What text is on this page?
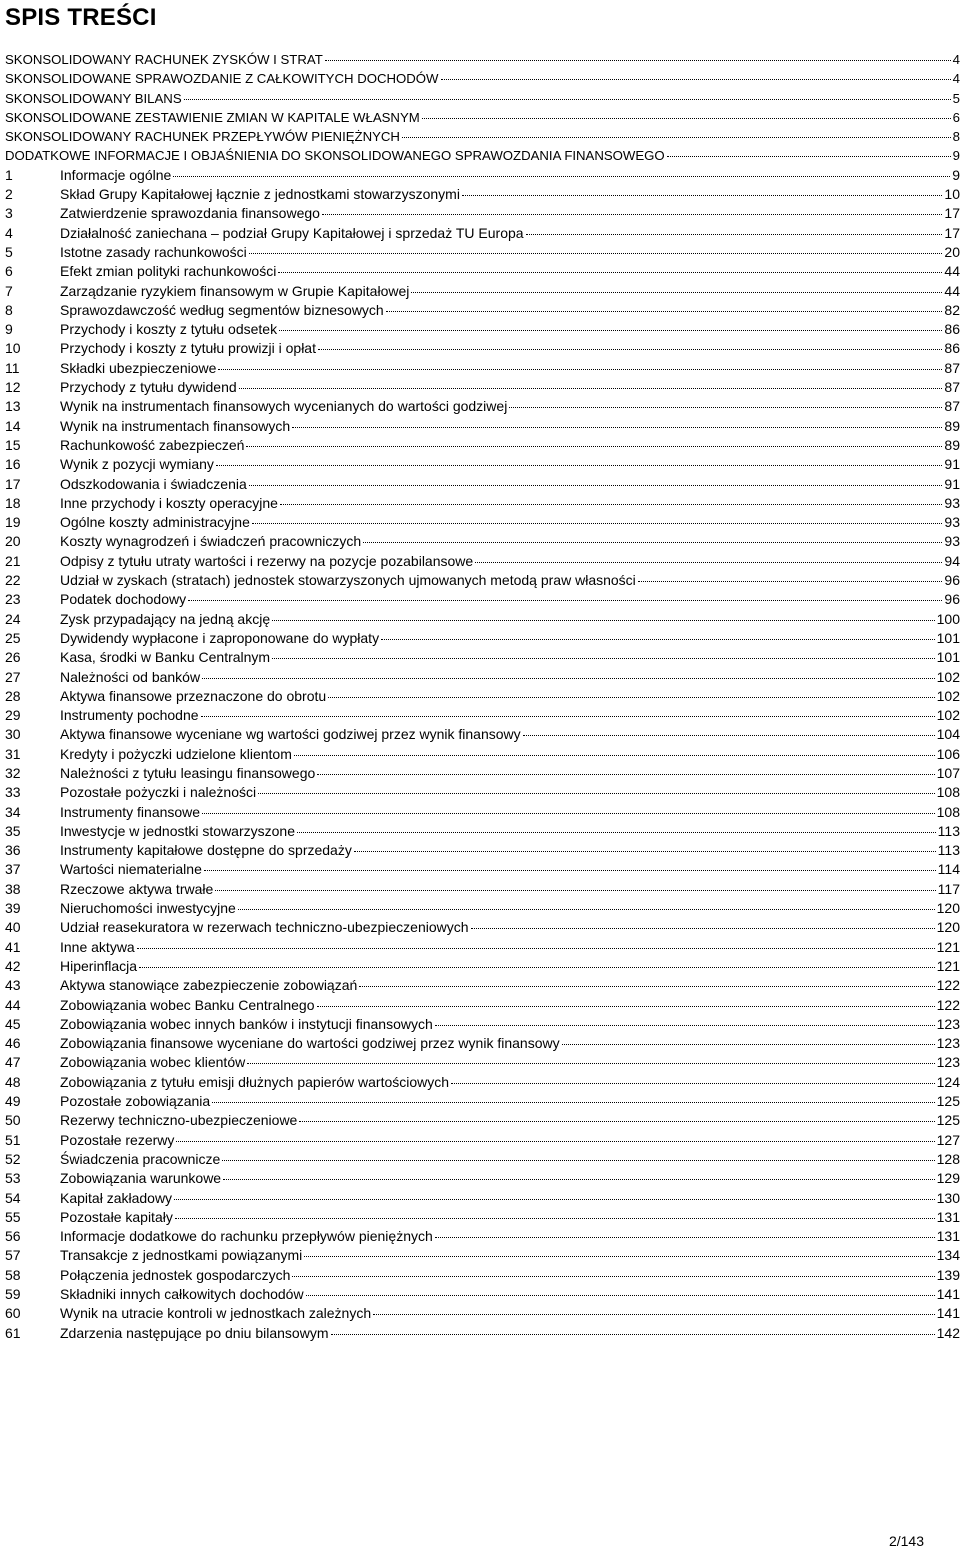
SPIS TREŚCI
SKONSOLIDOWANY RACHUNEK ZYSKÓW I STRAT	4
SKONSOLIDOWANE SPRAWOZDANIE Z CAŁKOWITYCH DOCHODÓW	4
SKONSOLIDOWANY BILANS	5
SKONSOLIDOWANE ZESTAWIENIE ZMIAN W KAPITALE WŁASNYM	6
SKONSOLIDOWANY RACHUNEK PRZEPŁYWÓW PIENIĘŻNYCH	8
DODATKOWE INFORMACJE I OBJAŚNIENIA DO SKONSOLIDOWANEGO SPRAWOZDANIA FINANSOWEGO	9
1	Informacje ogólne	9
2	Skład Grupy Kapitałowej łącznie z jednostkami stowarzyszonymi	10
3	Zatwierdzenie sprawozdania finansowego	17
4	Działalność zaniechana – podział Grupy Kapitałowej i sprzedaż TU Europa	17
5	Istotne zasady rachunkowości	20
6	Efekt zmian polityki rachunkowości	44
7	Zarządzanie ryzykiem finansowym w Grupie Kapitałowej	44
8	Sprawozdawczość według segmentów biznesowych	82
9	Przychody i koszty z tytułu odsetek	86
10	Przychody i koszty z tytułu prowizji i opłat	86
11	Składki ubezpieczeniowe	87
12	Przychody z tytułu dywidend	87
13	Wynik na instrumentach finansowych wycenianych do wartości godziwej	87
14	Wynik na instrumentach finansowych	89
15	Rachunkowość zabezpieczeń	89
16	Wynik z pozycji wymiany	91
17	Odszkodowania i świadczenia	91
18	Inne przychody i koszty operacyjne	93
19	Ogólne koszty administracyjne	93
20	Koszty wynagrodzeń i świadczeń pracowniczych	93
21	Odpisy z tytułu utraty wartości i rezerwy na pozycje pozabilansowe	94
22	Udział w zyskach (stratach) jednostek stowarzyszonych ujmowanych metodą praw własności	96
23	Podatek dochodowy	96
24	Zysk przypadający na jedną akcję	100
25	Dywidendy wypłacone i zaproponowane do wypłaty	101
26	Kasa, środki w Banku Centralnym	101
27	Należności od banków	102
28	Aktywa finansowe przeznaczone do obrotu	102
29	Instrumenty pochodne	102
30	Aktywa finansowe wyceniane wg wartości godziwej przez wynik finansowy	104
31	Kredyty i pożyczki udzielone klientom	106
32	Należności z tytułu leasingu finansowego	107
33	Pozostałe pożyczki i należności	108
34	Instrumenty finansowe	108
35	Inwestycje w jednostki stowarzyszone	113
36	Instrumenty kapitałowe dostępne do sprzedaży	113
37	Wartości niematerialne	114
38	Rzeczowe aktywa trwałe	117
39	Nieruchomości inwestycyjne	120
40	Udział reasekuratora w rezerwach techniczno-ubezpieczeniowych	120
41	Inne aktywa	121
42	Hiperinflacja	121
43	Aktywa stanowiące zabezpieczenie zobowiązań	122
44	Zobowiązania wobec Banku Centralnego	122
45	Zobowiązania wobec innych banków i instytucji finansowych	123
46	Zobowiązania finansowe wyceniane do wartości godziwej przez wynik finansowy	123
47	Zobowiązania wobec klientów	123
48	Zobowiązania z tytułu emisji dłużnych papierów wartościowych	124
49	Pozostałe zobowiązania	125
50	Rezerwy techniczno-ubezpieczeniowe	125
51	Pozostałe rezerwy	127
52	Świadczenia pracownicze	128
53	Zobowiązania warunkowe	129
54	Kapitał zakładowy	130
55	Pozostałe kapitały	131
56	Informacje dodatkowe do rachunku przepływów pieniężnych	131
57	Transakcje z jednostkami powiązanymi	134
58	Połączenia jednostek gospodarczych	139
59	Składniki innych całkowitych dochodów	141
60	Wynik na utracie kontroli w jednostkach zależnych	141
61	Zdarzenia następujące po dniu bilansowym	142
2/143
